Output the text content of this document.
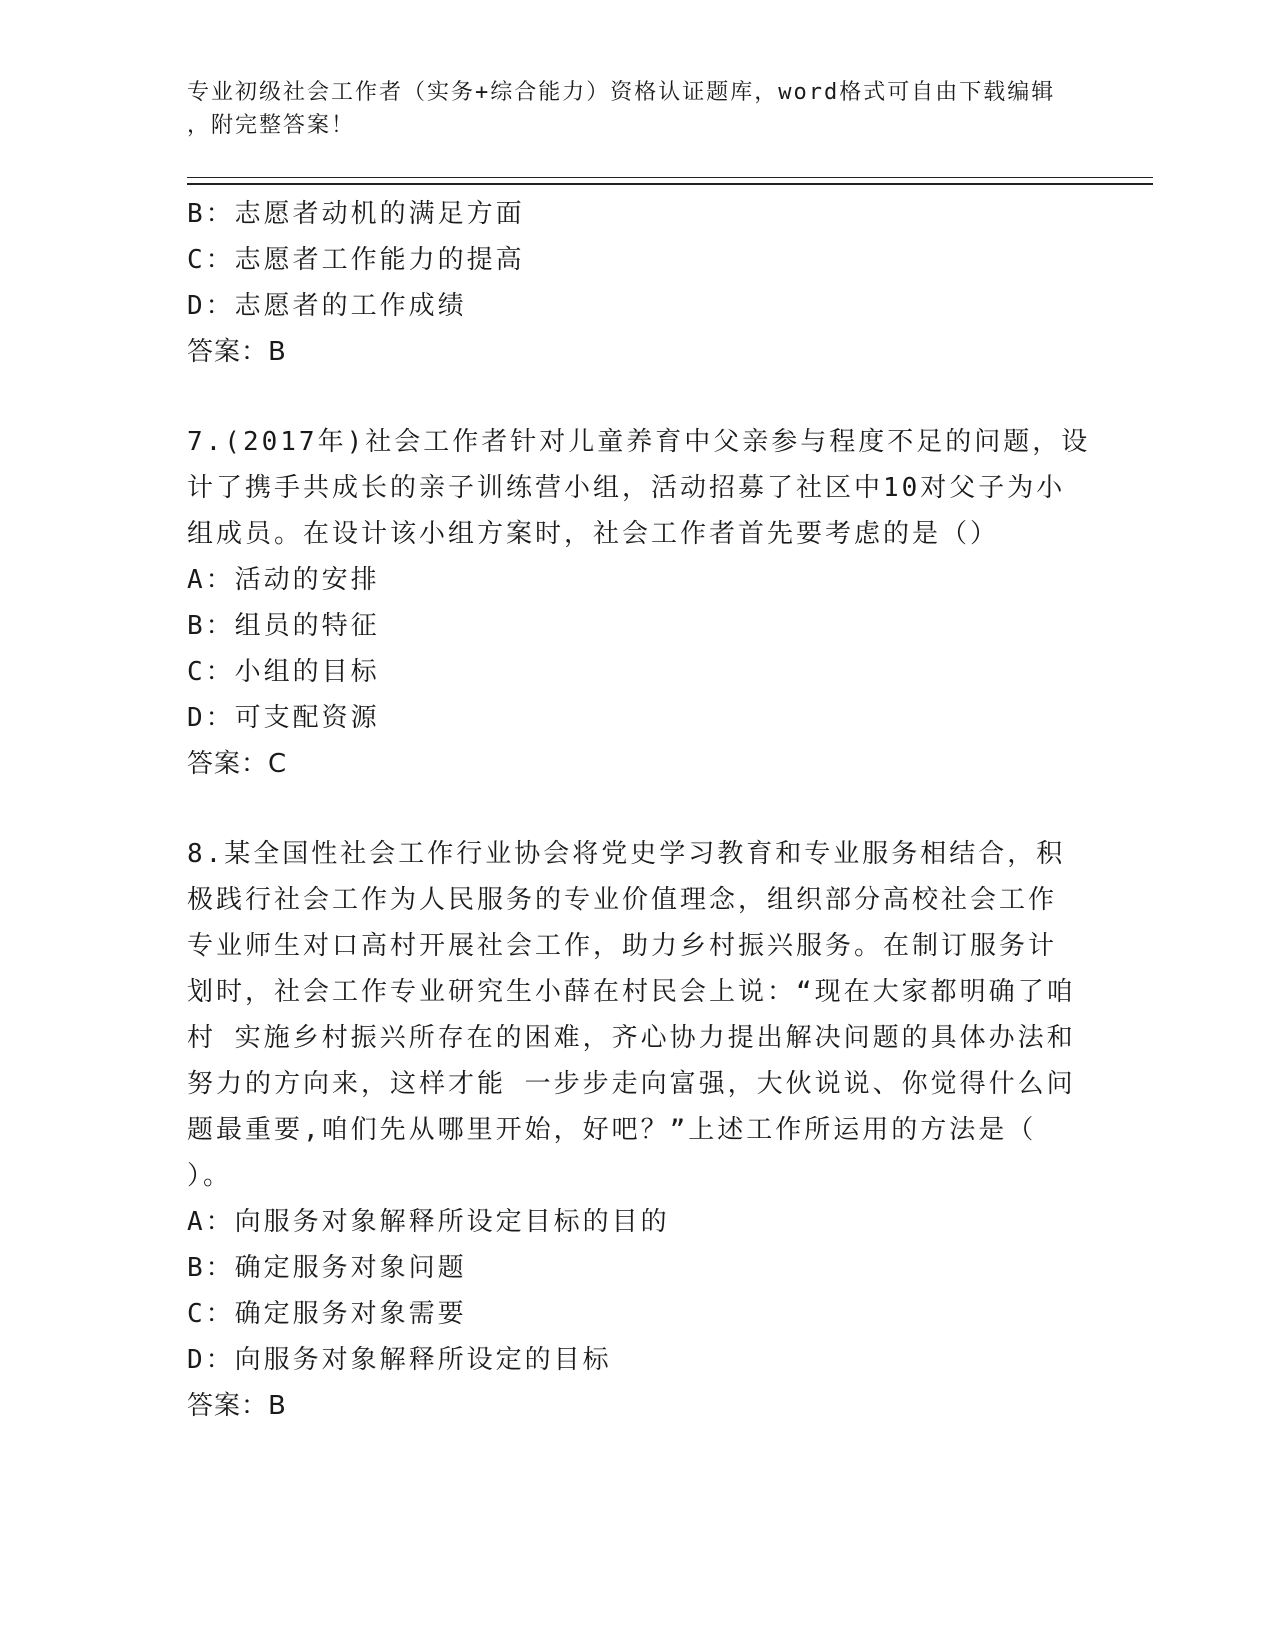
专业初级社会工作者（实务+综合能力）资格认证题库，word格式可自由下载编辑
，附完整答案！
B：志愿者动机的满足方面
C：志愿者工作能力的提高
D：志愿者的工作成绩
答案：B
7.(2017年)社会工作者针对儿童养育中父亲参与程度不足的问题，设
计了携手共成长的亲子训练营小组，活动招募了社区中10对父子为小
组成员。在设计该小组方案时，社会工作者首先要考虑的是（）
A：活动的安排
B：组员的特征
C：小组的目标
D：可支配资源
答案：C
8.某全国性社会工作行业协会将党史学习教育和专业服务相结合，积
极践行社会工作为人民服务的专业价值理念，组织部分高校社会工作
专业师生对口高村开展社会工作，助力乡村振兴服务。在制订服务计
划时，社会工作专业研究生小薛在村民会上说：“现在大家都明确了咱
村 实施乡村振兴所存在的困难，齐心协力提出解决问题的具体办法和
努力的方向来，这样才能 一步步走向富强，大伙说说、你觉得什么问
题最重要,咱们先从哪里开始，好吧？”上述工作所运用的方法是（
）。
A：向服务对象解释所设定目标的目的
B：确定服务对象问题
C：确定服务对象需要
D：向服务对象解释所设定的目标
答案：B
